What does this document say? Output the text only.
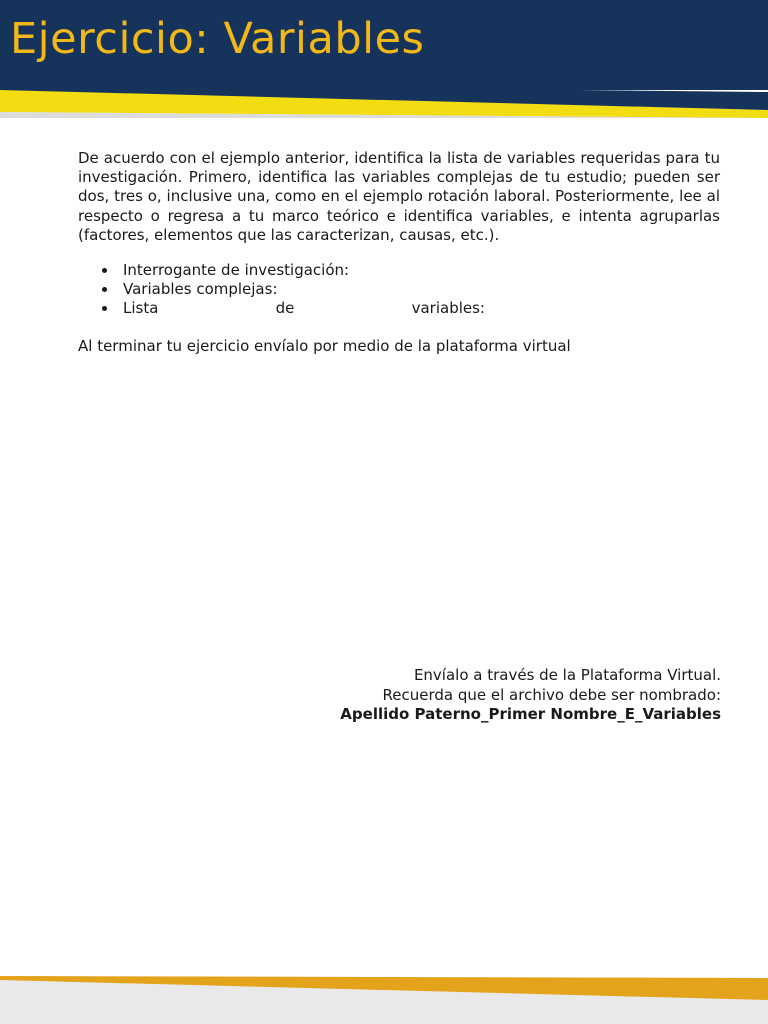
Ejercicio: Variables

De acuerdo con el ejemplo anterior, identifica la lista de variables requeridas para tu investigación. Primero, identifica las variables complejas de tu estudio; pueden ser dos, tres o, inclusive una, como en el ejemplo rotación laboral. Posteriormente, lee al respecto o regresa a tu marco teórico e identifica variables, e intenta agruparlas (factores, elementos que las caracterizan, causas, etc.).

Interrogante de investigación:
Variables complejas:
Lista	de	variables:

Al terminar tu ejercicio envíalo por medio de la plataforma virtual

Envíalo a través de la Plataforma Virtual.
Recuerda que el archivo debe ser nombrado:
Apellido Paterno_Primer Nombre_E_Variables
